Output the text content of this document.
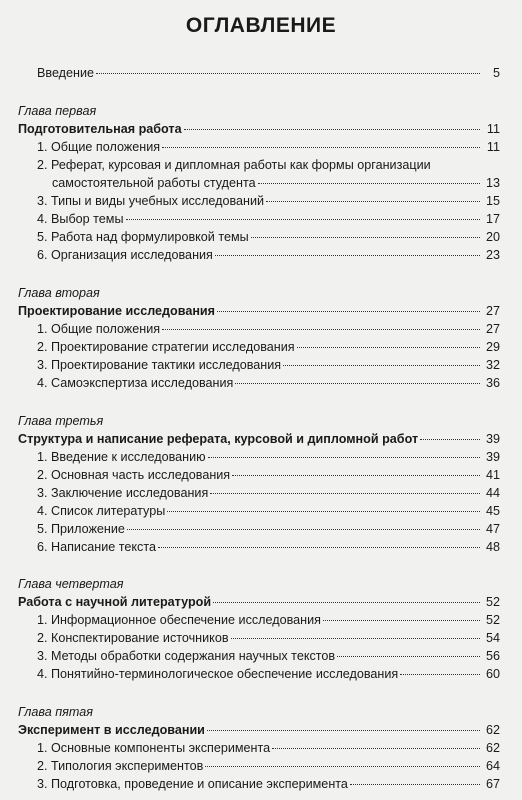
ОГЛАВЛЕНИЕ
Введение	5
Глава первая
Подготовительная работа	11
1. Общие положения	11
2. Реферат, курсовая и дипломная работы как формы организации
самостоятельной работы студента	13
3. Типы и виды учебных исследований	15
4. Выбор темы	17
5. Работа над формулировкой темы	20
6. Организация исследования	23
Глава вторая
Проектирование исследования	27
1. Общие положения	27
2. Проектирование стратегии исследования	29
3. Проектирование тактики исследования	32
4. Самоэкспертиза исследования	36
Глава третья
Структура и написание реферата, курсовой и дипломной работ	39
1. Введение к исследованию	39
2. Основная часть исследования	41
3. Заключение исследования	44
4. Список литературы	45
5. Приложение	47
6. Написание текста	48
Глава четвертая
Работа с научной литературой	52
1. Информационное обеспечение исследования	52
2. Конспектирование источников	54
3. Методы обработки содержания научных текстов	56
4. Понятийно-терминологическое обеспечение исследования	60
Глава пятая
Эксперимент в исследовании	62
1. Основные компоненты эксперимента	62
2. Типология экспериментов	64
3. Подготовка, проведение и описание эксперимента	67
